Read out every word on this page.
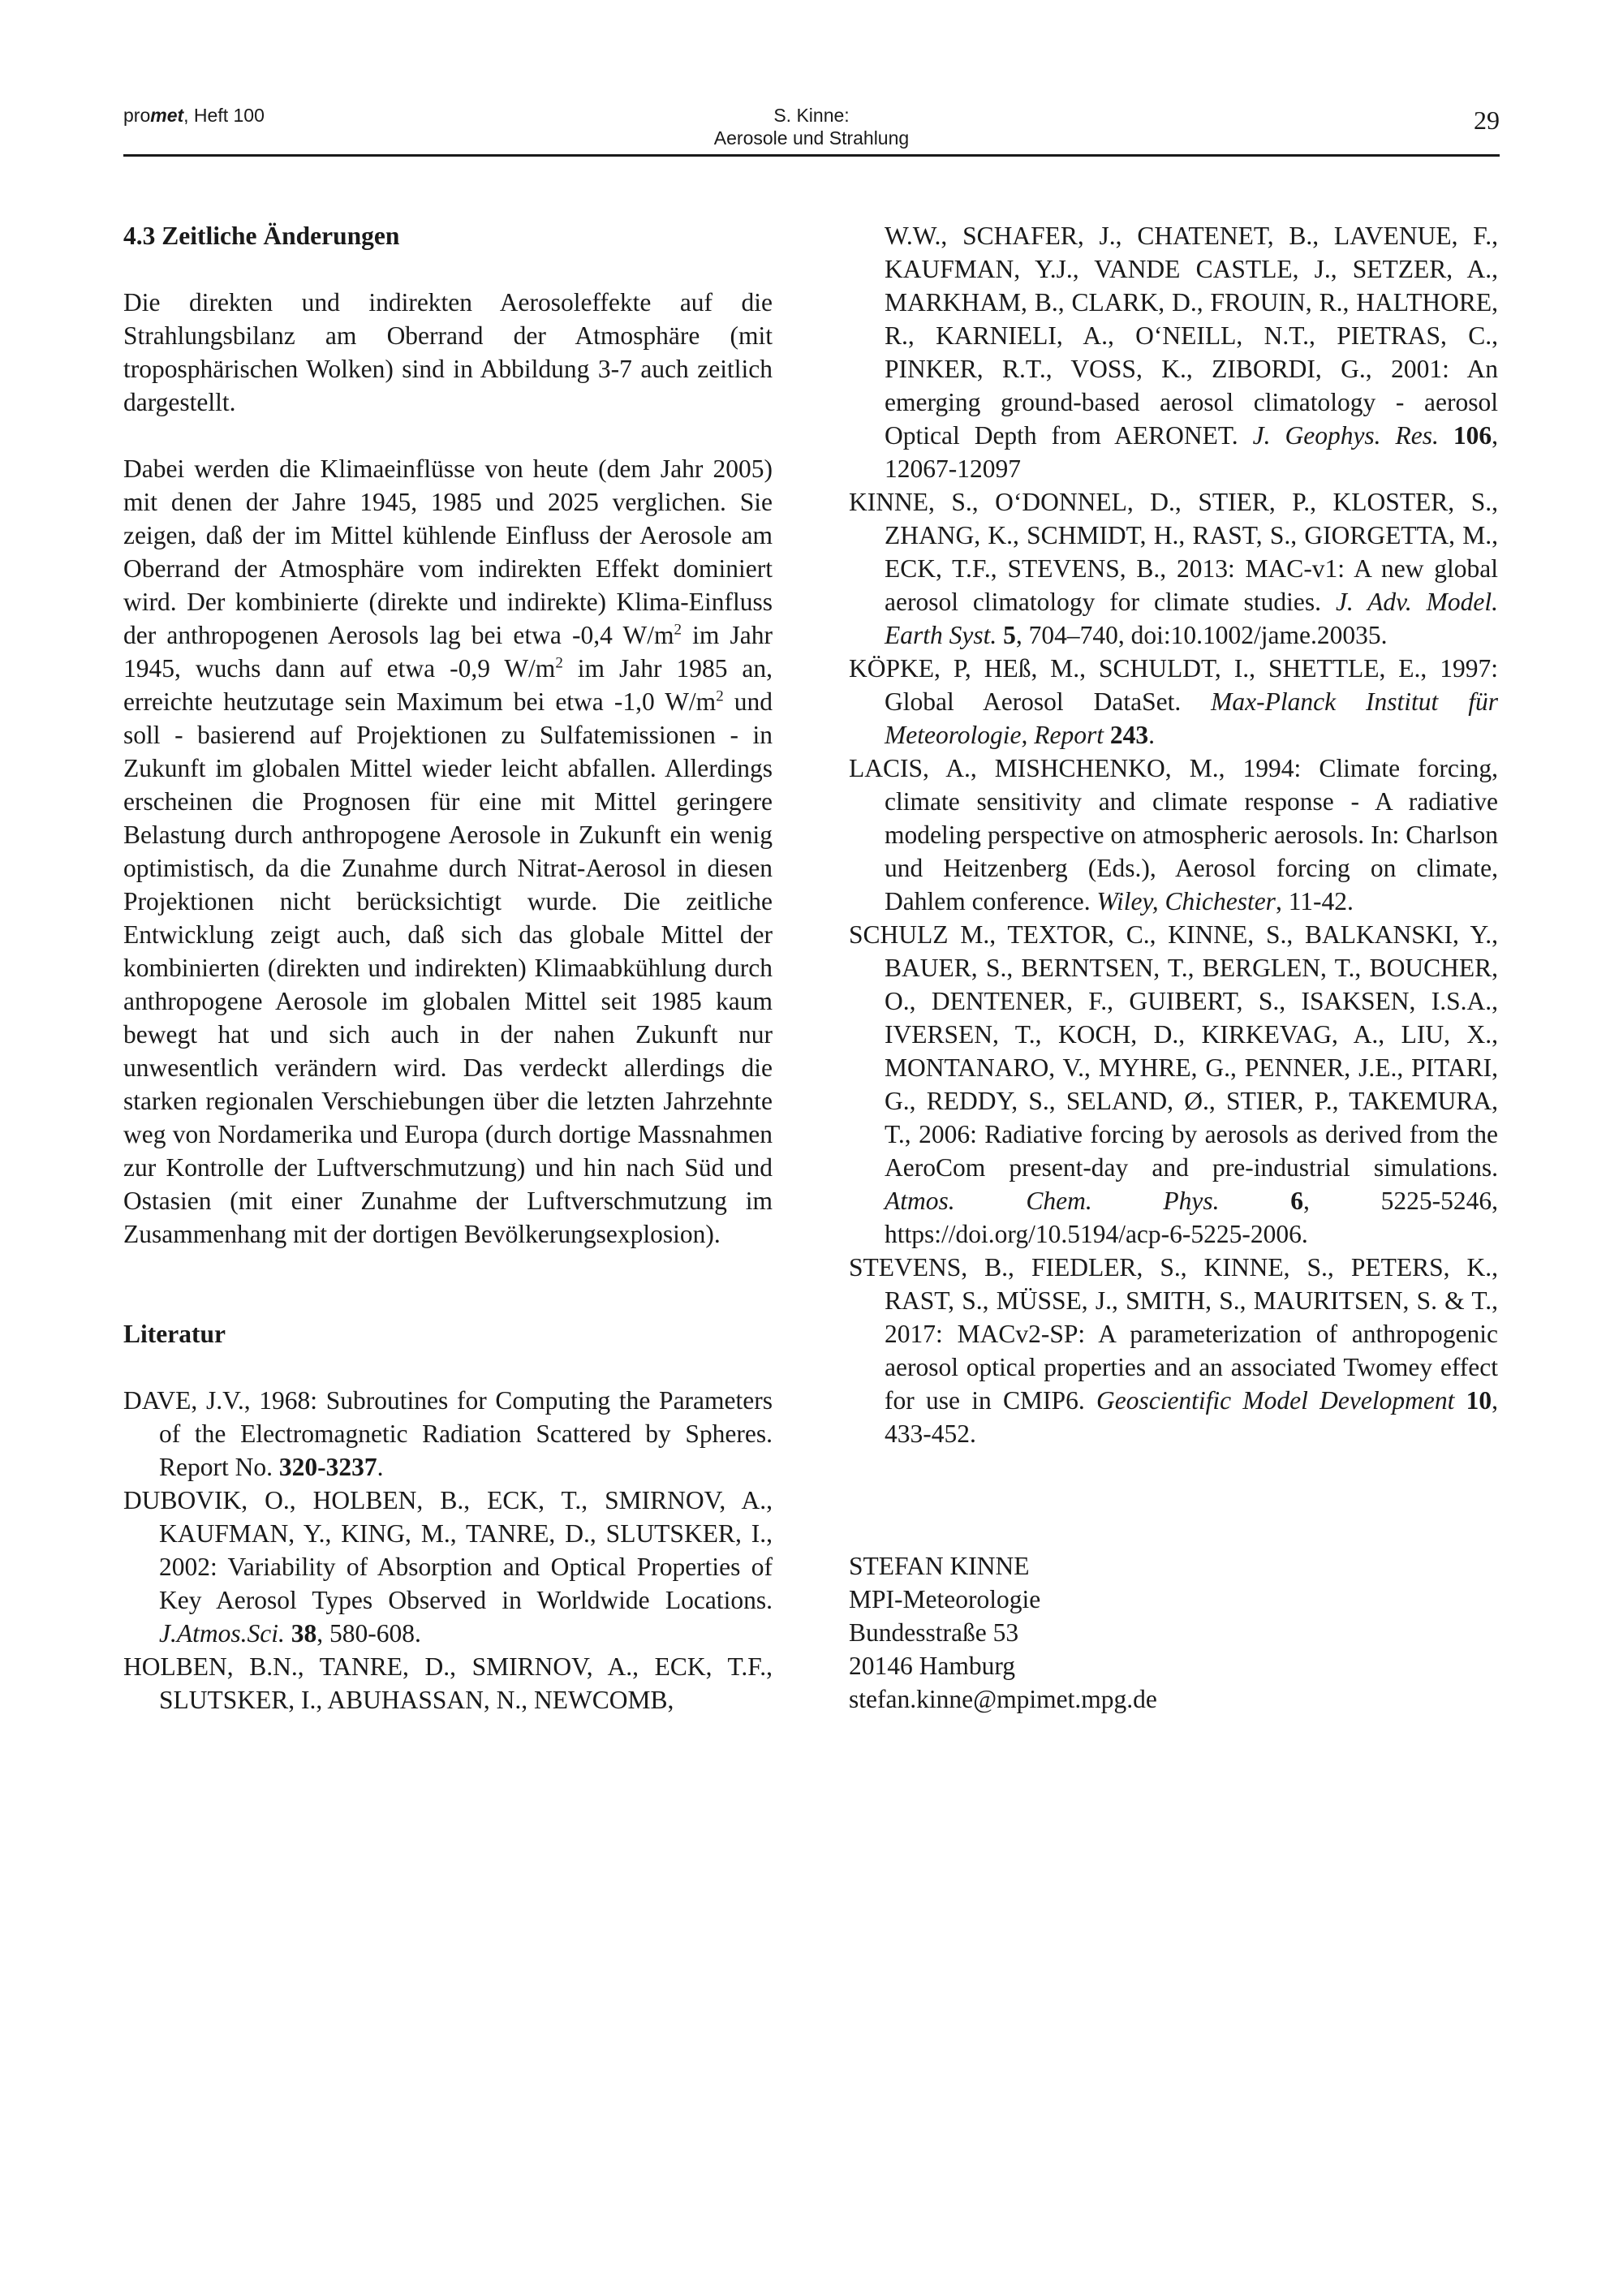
promet, Heft 100	S. Kinne:
Aerosole und Strahlung
29
4.3 Zeitliche Änderungen

Die direkten und indirekten Aerosoleffekte auf die Strahlungsbilanz am Oberrand der Atmosphäre (mit troposphärischen Wolken) sind in Abbildung 3-7 auch zeitlich dargestellt.

Dabei werden die Klimaeinflüsse von heute (dem Jahr 2005) mit denen der Jahre 1945, 1985 und 2025 verglichen. Sie zeigen, daß der im Mittel kühlende Einfluss der Aerosole am Oberrand der Atmosphäre vom indirekten Effekt dominiert wird. Der kombinierte (direkte und indirekte) Klima-Einfluss der anthropogenen Aerosols lag bei etwa -0,4 $W/m^2$ im Jahr 1945, wuchs dann auf etwa -0,9 $W/m^2$ im Jahr 1985 an, erreichte heutzutage sein Maximum bei etwa -1,0 $W/m^2$ und soll - basierend auf Projektionen zu Sulfatemissionen - in Zukunft im globalen Mittel wieder leicht abfallen. Allerdings erscheinen die Prognosen für eine mit Mittel geringere Belastung durch anthropogene Aerosole in Zukunft ein wenig optimistisch, da die Zunahme durch Nitrat-Aerosol in diesen Projektionen nicht berücksichtigt wurde. Die zeitliche Entwicklung zeigt auch, daß sich das globale Mittel der kombinierten (direkten und indirekten) Klimaabkühlung durch anthropogene Aerosole im globalen Mittel seit 1985 kaum bewegt hat und sich auch in der nahen Zukunft nur unwesentlich verändern wird. Das verdeckt allerdings die starken regionalen Verschiebungen über die letzten Jahrzehnte weg von Nordamerika und Europa (durch dortige Massnahmen zur Kontrolle der Luftverschmutzung) und hin nach Süd und Ostasien (mit einer Zunahme der Luftverschmutzung im Zusammenhang mit der dortigen Bevölkerungsexplosion).

Literatur

DAVE, J.V., 1968: Subroutines for Computing the Parameters of the Electromagnetic Radiation Scattered by Spheres. Report No. 320-3237.

DUBOVIK, O., HOLBEN, B., ECK, T., SMIRNOV, A., KAUFMAN, Y., KING, M., TANRE, D., SLUTSKER, I., 2002: Variability of Absorption and Optical Properties of Key Aerosol Types Observed in Worldwide Locations. J.Atmos.Sci. 38, 580-608.

HOLBEN, B.N., TANRE, D., SMIRNOV, A., ECK, T.F., SLUTSKER, I., ABUHASSAN, N., NEWCOMB,

W.W., SCHAFER, J., CHATENET, B., LAVENUE, F., KAUFMAN, Y.J., VANDE CASTLE, J., SETZER, A., MARKHAM, B., CLARK, D., FROUIN, R., HALTHORE, R., KARNIELI, A., O‘NEILL, N.T., PIETRAS, C., PINKER, R.T., VOSS, K., ZIBORDI, G., 2001: An emerging ground-based aerosol climatology - aerosol Optical Depth from AERONET. J. Geophys. Res. 106, 12067-12097

KINNE, S., O‘DONNEL, D., STIER, P., KLOSTER, S., ZHANG, K., SCHMIDT, H., RAST, S., GIORGETTA, M., ECK, T.F., STEVENS, B., 2013: MAC-v1: A new global aerosol climatology for climate studies. J. Adv. Model. Earth Syst. 5, 704–740, doi:10.1002/jame.20035.

KÖPKE, P, HEß, M., SCHULDT, I., SHETTLE, E., 1997: Global Aerosol DataSet. Max-Planck Institut für Meteorologie, Report 243.

LACIS, A., MISHCHENKO, M., 1994: Climate forcing, climate sensitivity and climate response - A radiative modeling perspective on atmospheric aerosols. In: Charlson und Heitzenberg (Eds.), Aerosol forcing on climate, Dahlem conference. Wiley, Chichester, 11-42.

SCHULZ M., TEXTOR, C., KINNE, S., BALKANSKI, Y., BAUER, S., BERNTSEN, T., BERGLEN, T., BOUCHER, O., DENTENER, F., GUIBERT, S., ISAKSEN, I.S.A., IVERSEN, T., KOCH, D., KIRKEVAG, A., LIU, X., MONTANARO, V., MYHRE, G., PENNER, J.E., PITARI, G., REDDY, S., SELAND, Ø., STIER, P., TAKEMURA, T., 2006: Radiative forcing by aerosols as derived from the AeroCom present-day and pre-industrial simulations. Atmos. Chem. Phys.	6, 5225-5246, https://doi.org/10.5194/acp-6-5225-2006.

STEVENS, B., FIEDLER, S., KINNE, S., PETERS, K., RAST, S., MÜSSE, J., SMITH, S., MAURITSEN, S. & T., 2017: MACv2-SP: A parameterization of anthropogenic aerosol optical properties and an associated Twomey effect for use in CMIP6. Geoscientific Model Development 10, 433-452.

STEFAN KINNE
MPI-Meteorologie
Bundesstraße 53
20146 Hamburg
stefan.kinne@mpimet.mpg.de
